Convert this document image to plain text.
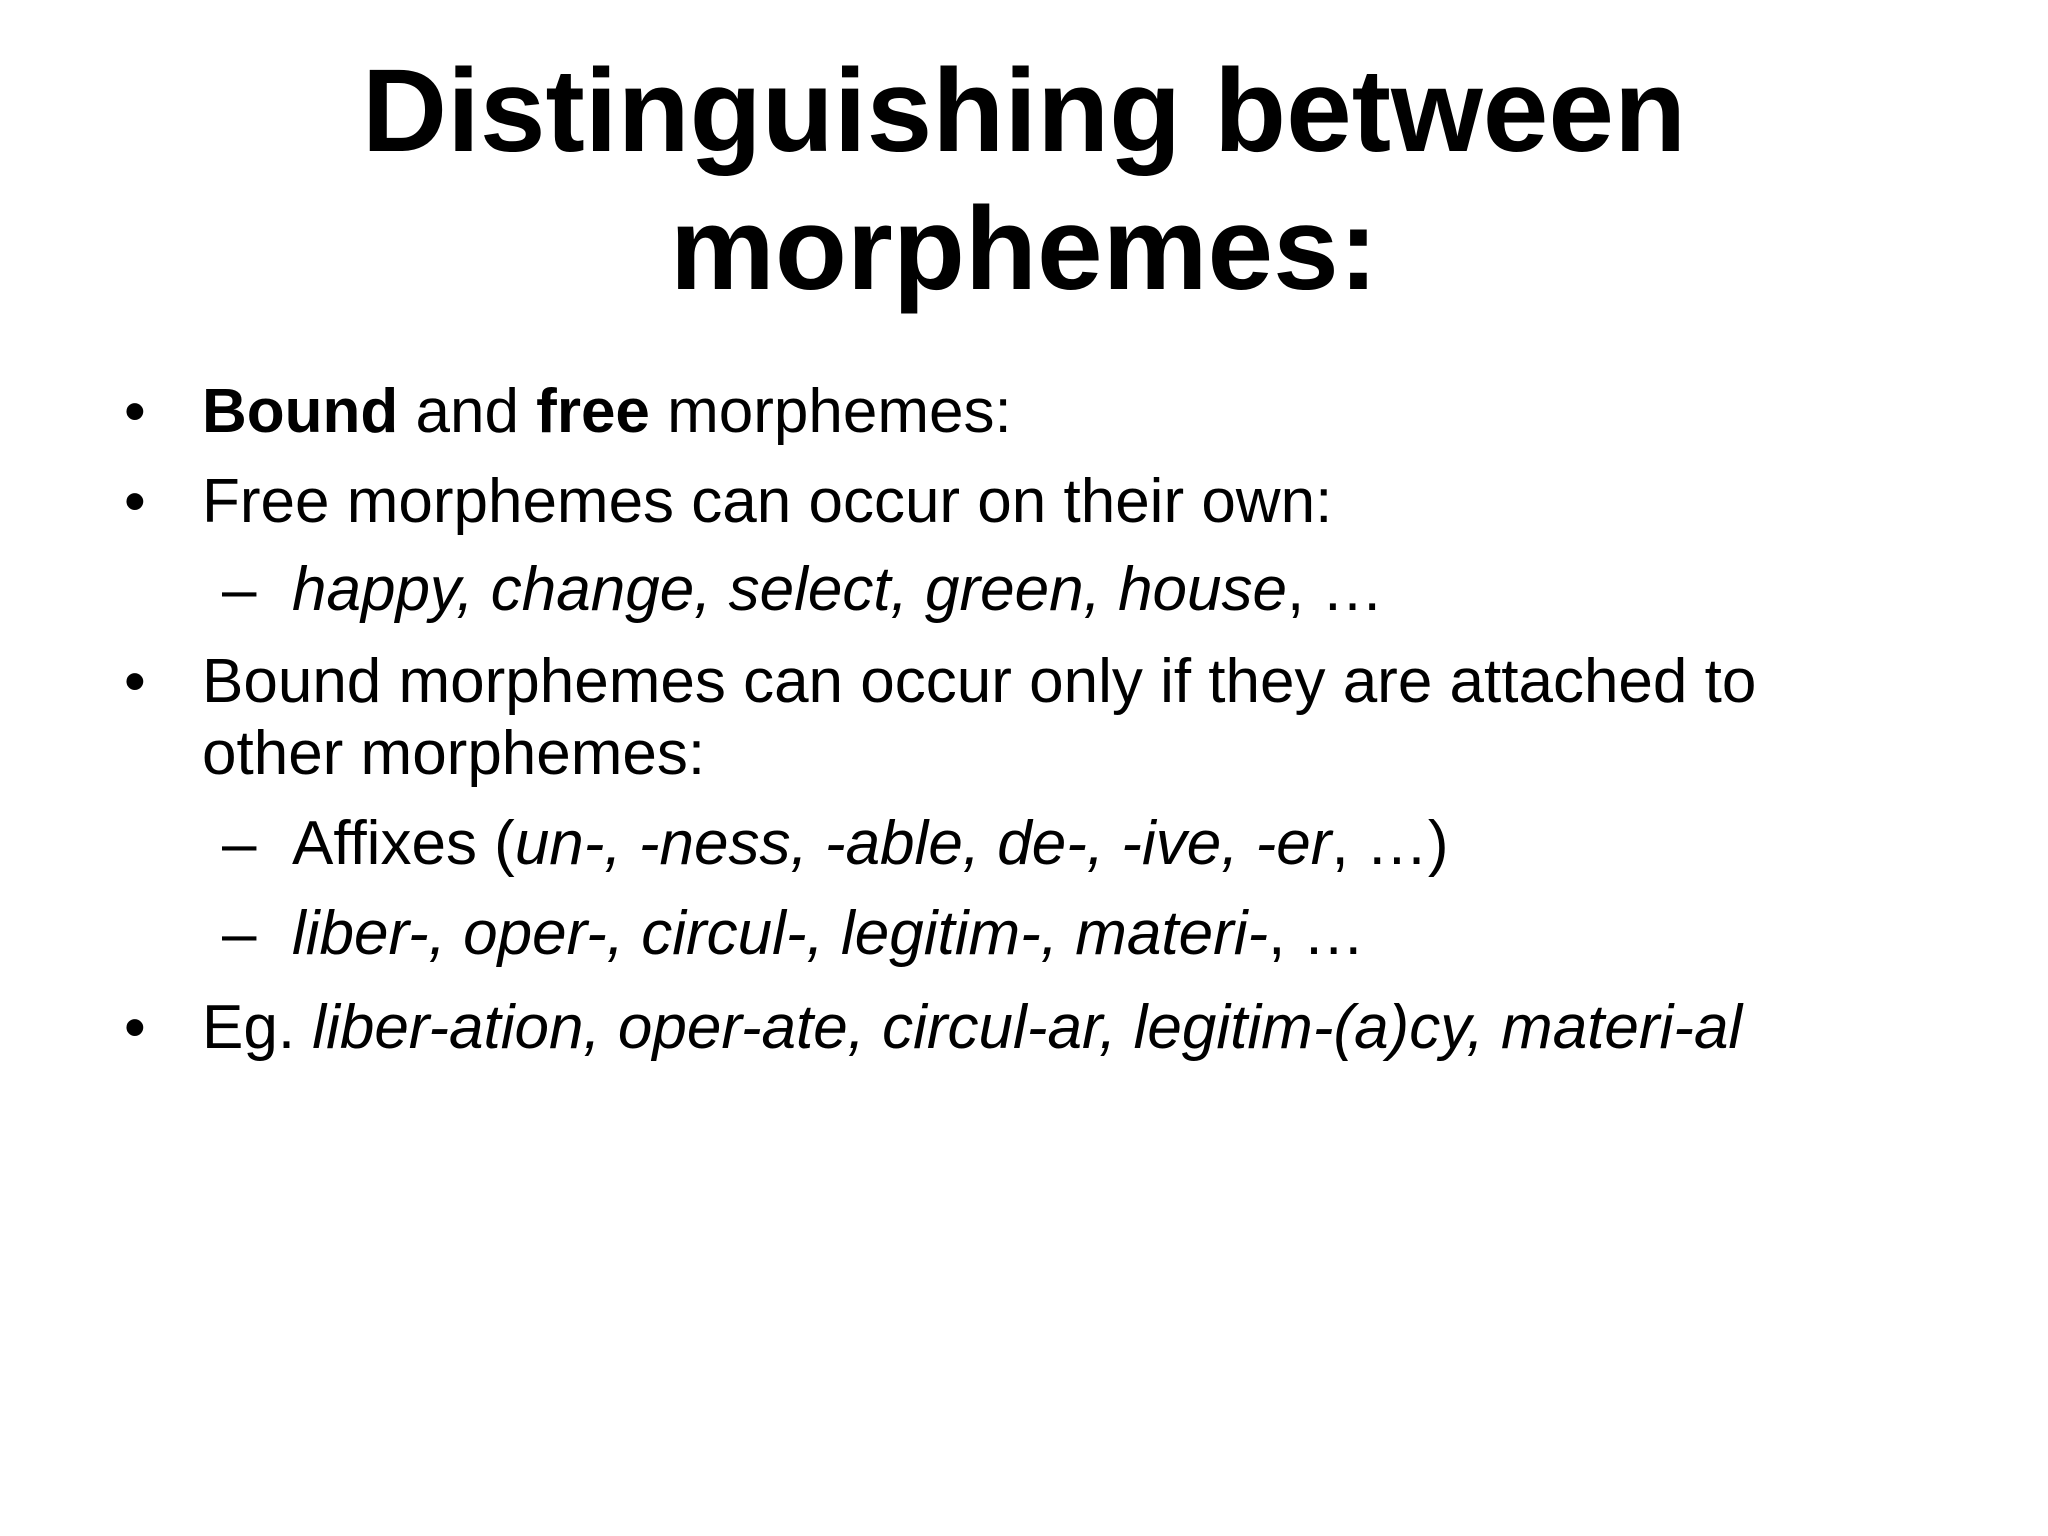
Distinguishing between
morphemes:
• Bound and free morphemes:
• Free morphemes can occur on their own:
– happy, change, select, green, house, …
• Bound morphemes can occur only if they are attached to
other morphemes:
– Affixes (un-, -ness, -able, de-, -ive, -er, …)
– liber-, oper-, circul-, legitim-, materi-, …
• Eg. liber-ation, oper-ate, circul-ar, legitim-(a)cy, materi-al
